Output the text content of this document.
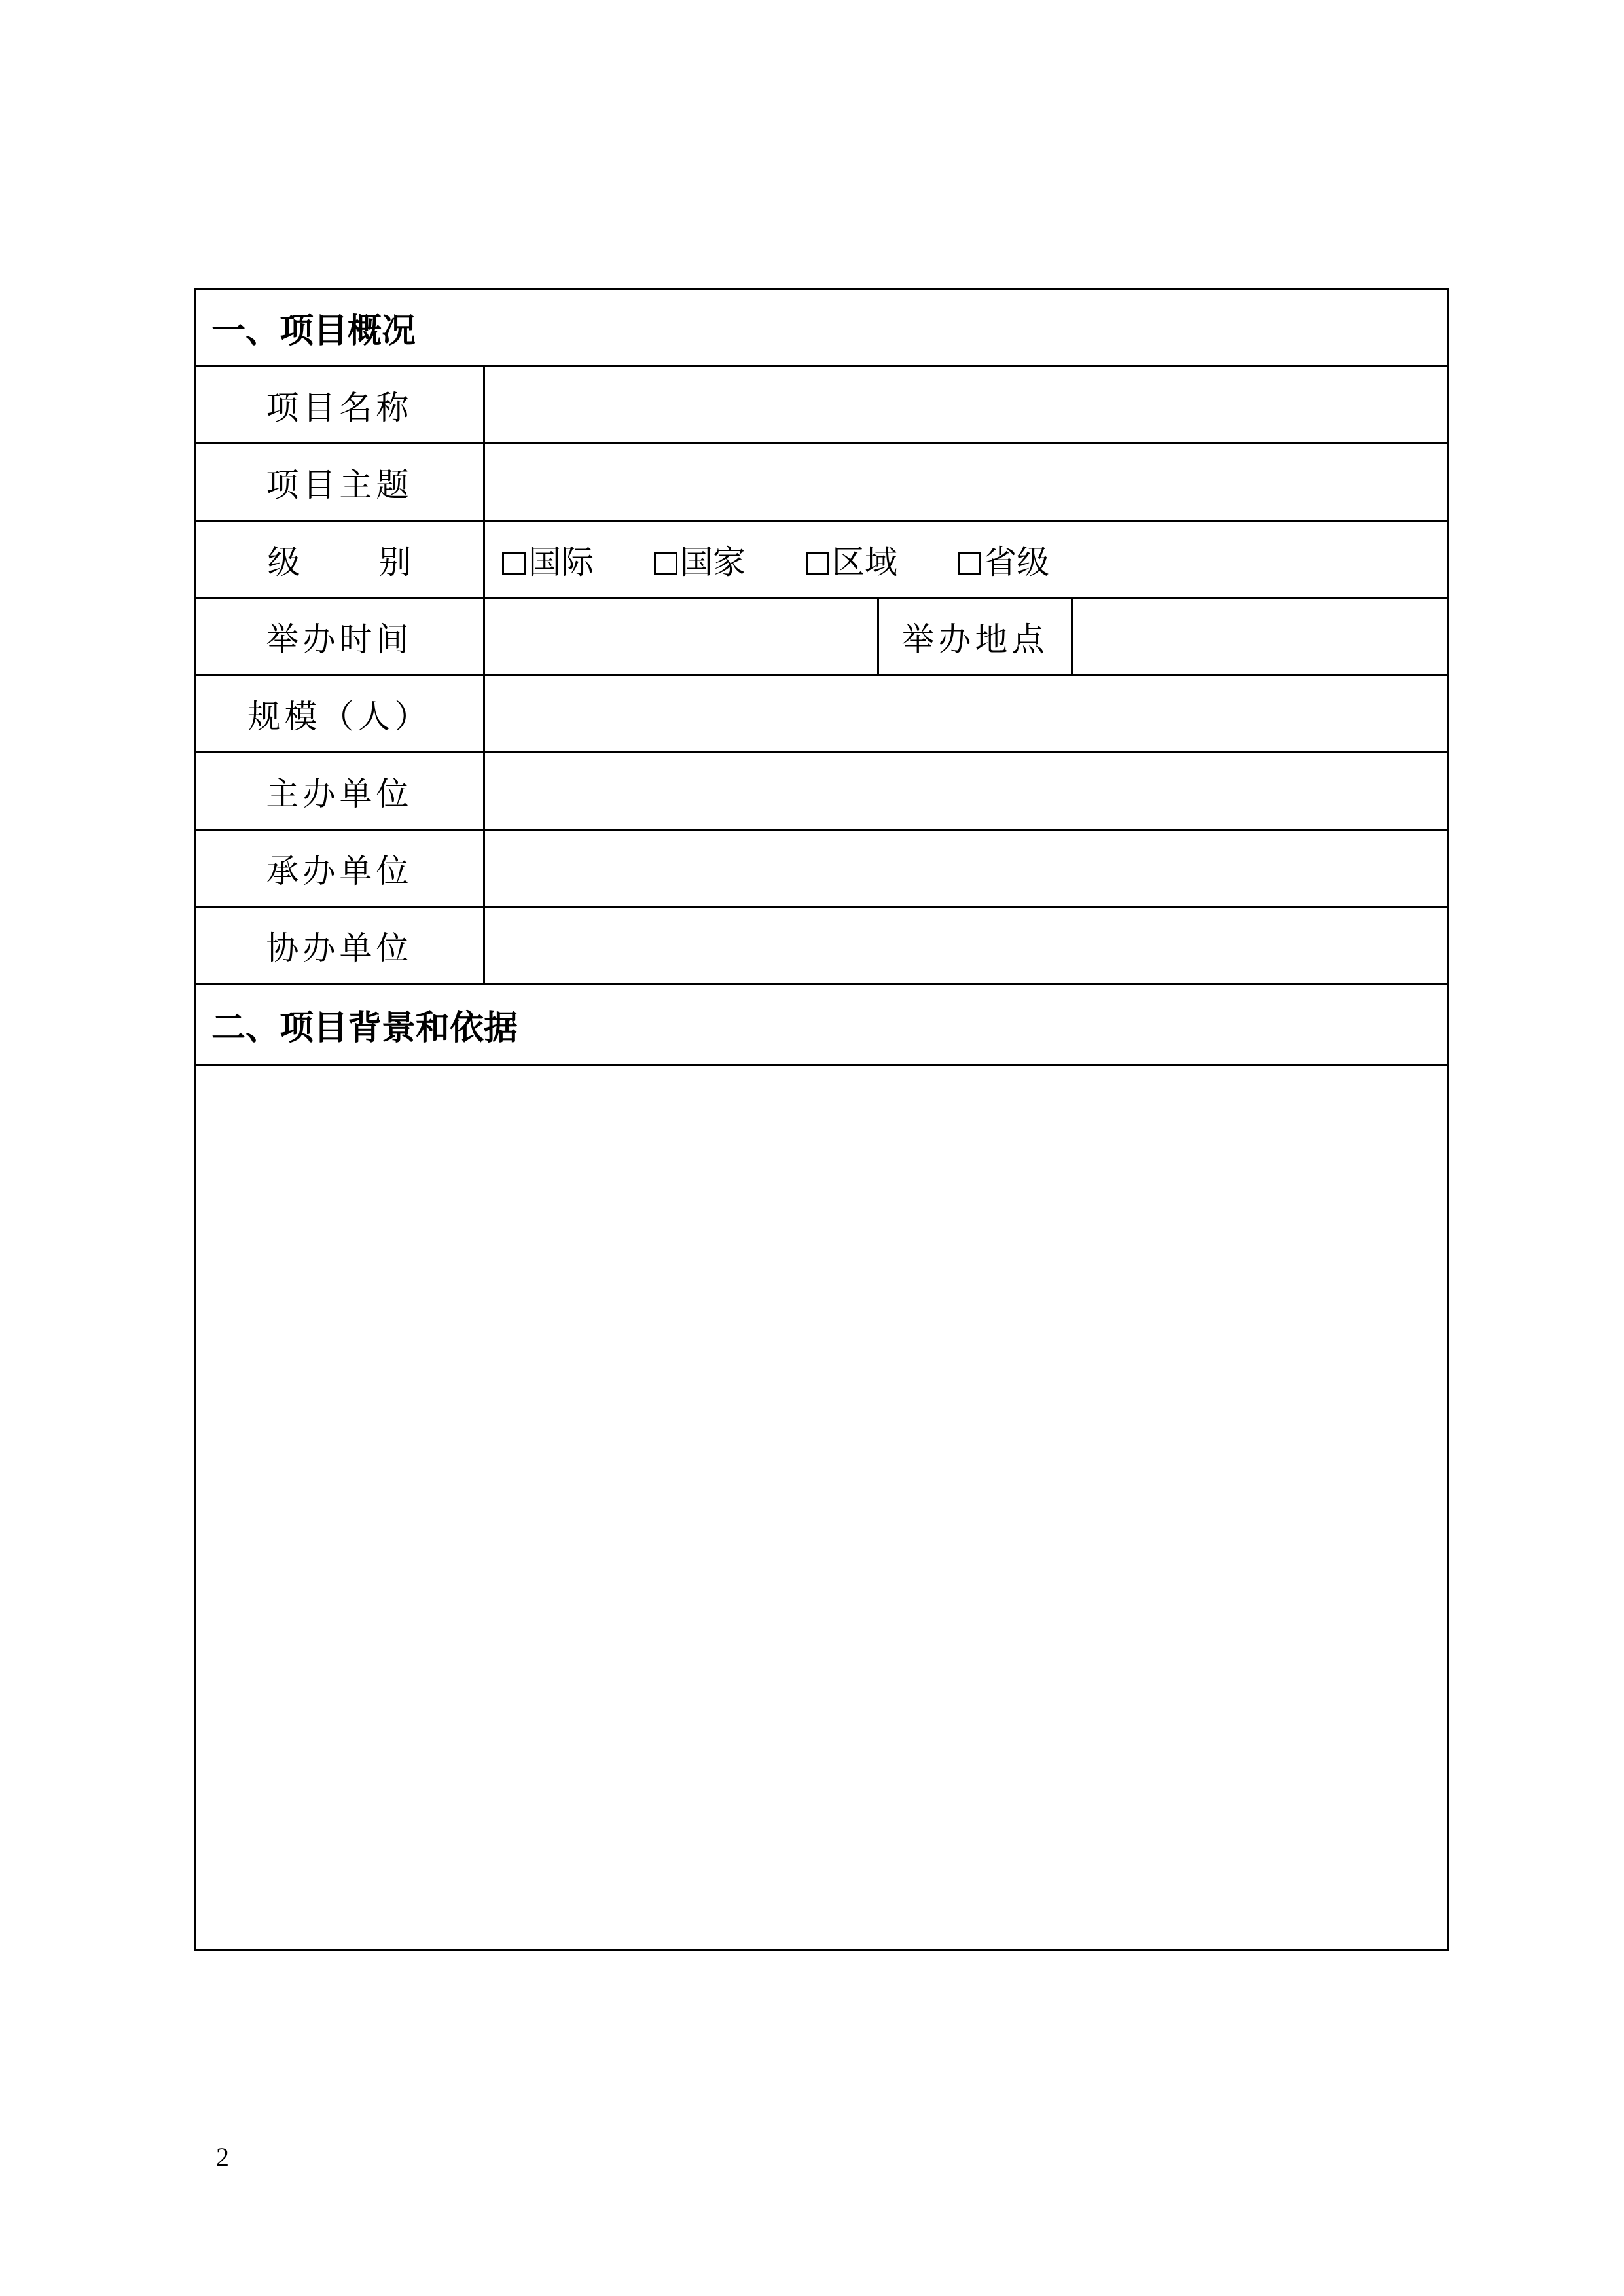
一、项目概况			
项目名称			
项目主题			
级 别	国际 国家 区域 省级		
举办时间		举办地点	
规模（人）			
主办单位			
承办单位			
协办单位			
二、项目背景和依据			

2
